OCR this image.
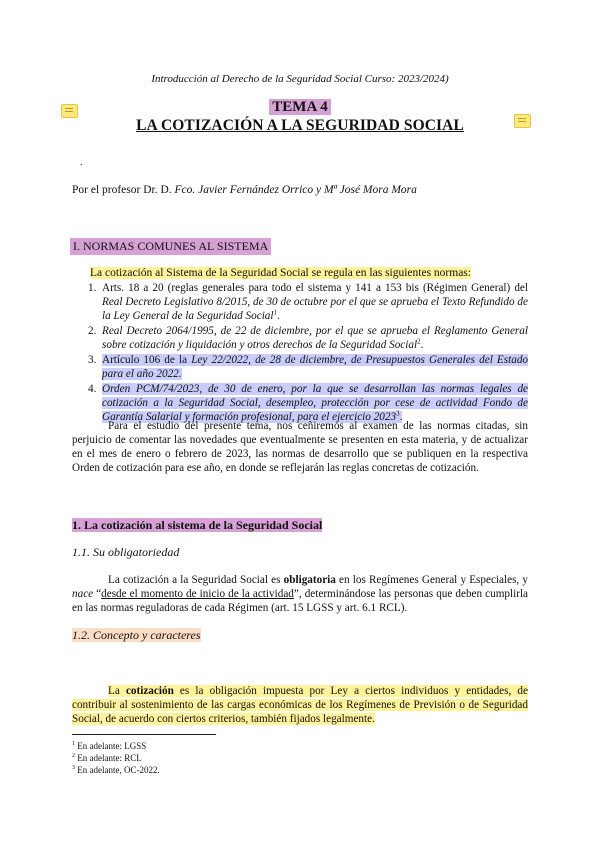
Introducción al Derecho de la Seguridad Social Curso: 2023/2024)
TEMA 4
LA COTIZACIÓN A LA SEGURIDAD SOCIAL
.
Por el profesor Dr. D. Fco. Javier Fernández Orrico y Mª José Mora Mora
I. NORMAS COMUNES AL SISTEMA
La cotización al Sistema de la Seguridad Social se regula en las siguientes normas:
1. Arts. 18 a 20 (reglas generales para todo el sistema y 141 a 153 bis (Régimen General) del Real Decreto Legislativo 8/2015, de 30 de octubre por el que se aprueba el Texto Refundido de la Ley General de la Seguridad Social$^1$.
2. Real Decreto 2064/1995, de 22 de diciembre, por el que se aprueba el Reglamento General sobre cotización y liquidación y otros derechos de la Seguridad Social$^2$.
3. Artículo 106 de la Ley 22/2022, de 28 de diciembre, de Presupuestos Generales del Estado para el año 2022.
4. Orden PCM/74/2023, de 30 de enero, por la que se desarrollan las normas legales de cotización a la Seguridad Social, desempleo, protección por cese de actividad Fondo de Garantía Salarial y formación profesional, para el ejercicio 2023$^3$.
Para el estudio del presente tema, nos ceñiremos al examen de las normas citadas, sin perjuicio de comentar las novedades que eventualmente se presenten en esta materia, y de actualizar en el mes de enero o febrero de 2023, las normas de desarrollo que se publiquen en la respectiva Orden de cotización para ese año, en donde se reflejarán las reglas concretas de cotización.
1. La cotización al sistema de la Seguridad Social
1.1. Su obligatoriedad
La cotización a la Seguridad Social es obligatoria en los Regímenes General y Especiales, y nace “desde el momento de inicio de la actividad”, determinándose las personas que deben cumplirla en las normas reguladoras de cada Régimen (art. 15 LGSS y art. 6.1 RCL).
1.2. Concepto y caracteres
La cotización es la obligación impuesta por Ley a ciertos individuos y entidades, de contribuir al sostenimiento de las cargas económicas de los Regímenes de Previsión o de Seguridad Social, de acuerdo con ciertos criterios, también fijados legalmente.
$^1$ En adelante: LGSS
$^2$ En adelante: RCL
$^3$ En adelante, OC-2022.
